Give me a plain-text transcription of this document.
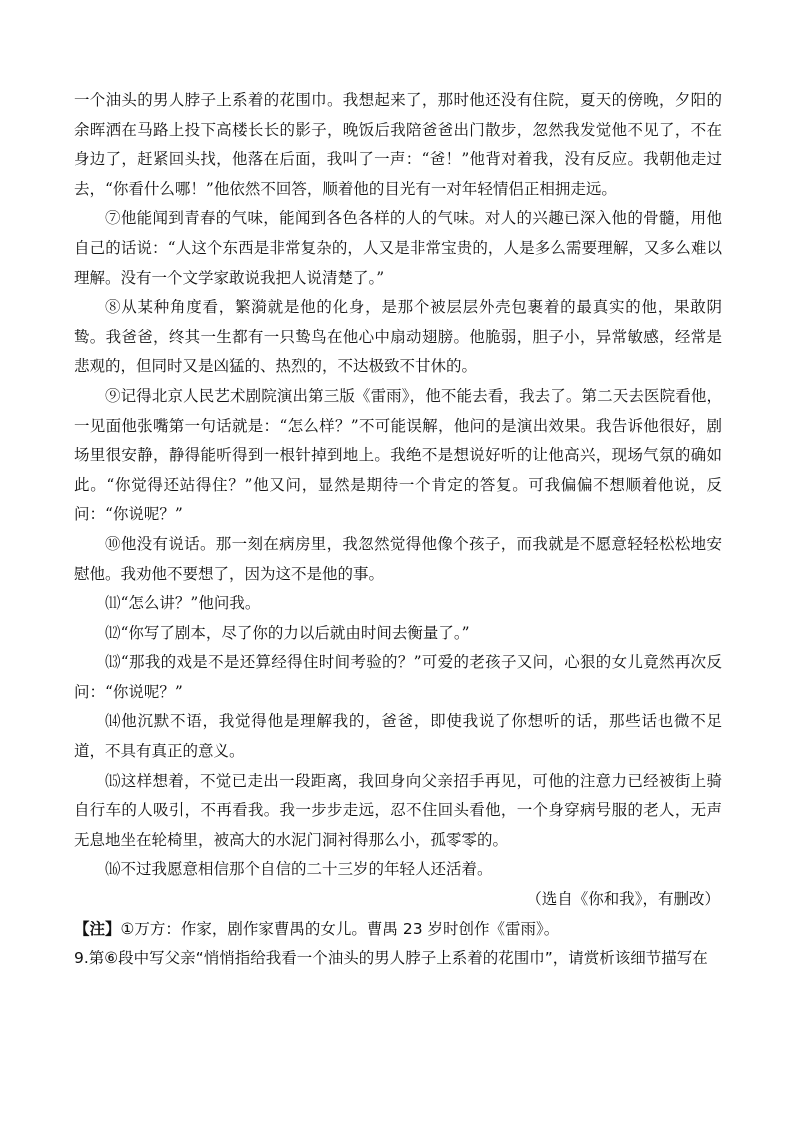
一个油头的男人脖子上系着的花围巾。我想起来了，那时他还没有住院，夏天的傍晚，夕阳的余晖洒在马路上投下高楼长长的影子，晚饭后我陪爸爸出门散步，忽然我发觉他不见了，不在身边了，赶紧回头找，他落在后面，我叫了一声：“爸！”他背对着我，没有反应。我朝他走过去，“你看什么哪！”他依然不回答，顺着他的目光有一对年轻情侣正相拥走远。

⑦他能闻到青春的气味，能闻到各色各样的人的气味。对人的兴趣已深入他的骨髓，用他自己的话说：“人这个东西是非常复杂的，人又是非常宝贵的，人是多么需要理解，又多么难以理解。没有一个文学家敢说我把人说清楚了。”

⑧从某种角度看，繁漪就是他的化身，是那个被层层外壳包裹着的最真实的他，果敢阴鸷。我爸爸，终其一生都有一只鸷鸟在他心中扇动翅膀。他脆弱，胆子小，异常敏感，经常是悲观的，但同时又是凶猛的、热烈的，不达极致不甘休的。

⑨记得北京人民艺术剧院演出第三版《雷雨》，他不能去看，我去了。第二天去医院看他，一见面他张嘴第一句话就是：“怎么样？”不可能误解，他问的是演出效果。我告诉他很好，剧场里很安静，静得能听得到一根针掉到地上。我绝不是想说好听的让他高兴，现场气氛的确如此。“你觉得还站得住？”他又问，显然是期待一个肯定的答复。可我偏偏不想顺着他说，反问：“你说呢？”

⑩他没有说话。那一刻在病房里，我忽然觉得他像个孩子，而我就是不愿意轻轻松松地安慰他。我劝他不要想了，因为这不是他的事。

⑾“怎么讲？”他问我。

⑿“你写了剧本，尽了你的力以后就由时间去衡量了。”

⒀“那我的戏是不是还算经得住时间考验的？”可爱的老孩子又问，心狠的女儿竟然再次反问：“你说呢？”

⒁他沉默不语，我觉得他是理解我的，爸爸，即使我说了你想听的话，那些话也微不足道，不具有真正的意义。

⒂这样想着，不觉已走出一段距离，我回身向父亲招手再见，可他的注意力已经被街上骑自行车的人吸引，不再看我。我一步步走远，忍不住回头看他，一个身穿病号服的老人，无声无息地坐在轮椅里，被高大的水泥门洞衬得那么小，孤零零的。

⒃不过我愿意相信那个自信的二十三岁的年轻人还活着。

（选自《你和我》，有删改）

【注】①万方：作家，剧作家曹禺的女儿。曹禺 23 岁时创作《雷雨》。

9.第⑥段中写父亲“悄悄指给我看一个油头的男人脖子上系着的花围巾”，请赏析该细节描写在
